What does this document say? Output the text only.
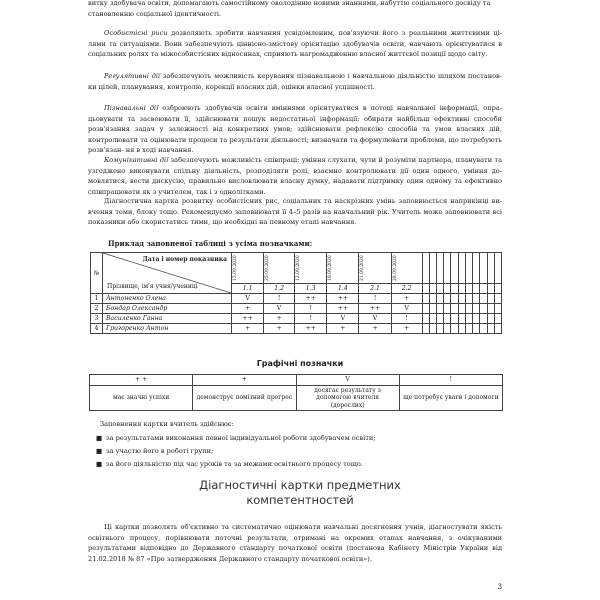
витку здобувача освіти, допомагають самостійному оволодінню новими знаннями, набуттю соціального досвіду та
становленню соціальної ідентичності.

Особистісні риси дозволяють зробити навчання усвідомленим, пов'язуючи його з реальними життєвими ці- лями та ситуаціями. Вони забезпечують ціннісно-змістову орієнтацію здобувачів освіти, навчають орієнтуватися в соціальних ролях та міжособистісних відносинах, сприяють нагромадженню власної життєвої позиції щодо світу.

Регулятивні дії забезпечують можливість керування пізнавальною і навчальною діяльністю шляхом постанов- ки цілей, планування, контролю, корекції власних дій, оцінки власної успішності.

Пізнавальні дії озброюють здобувачів освіти вміннями орієнтуватися в потоці навчальної інформації, опра- цьовувати та засвоювати її, здійснювати пошук недостатньої інформації; обирати найбільш ефективні способи розв'язання задач у залежності від конкретних умов; здійснювати рефлексію способів та умов власних дій, контролювати та оцінювати процеси та результати діяльності; визначати та формулювати проблеми, що потребують розв'язан- ня в ході навчання.

Комунікативні дії забезпечують можливість співпраці: уміння слухати, чути й розуміти партнера, планувати та узгоджено виконувати спільну діяльність, розподіляти ролі, взаємно контролювати дії один одного, уміння до- мовлятися, вести дискусію, правильно висловлювати власну думку, надавати підтримку один одному та ефективно співпрацювати як з учителем, так і з однолітками.

Діагностична картка розвитку особистісних рис, соціальних та наскрізних умінь заповнюється наприкінці ви- вчення теми, блоку тощо. Рекомендуємо заповнювати її 4–5 разів на навчальний рік. Учитель може заповнювати всі показники або скористатись тими, що необхідні на певному етапі навчання.

Приклад заповненої таблиці з усіма позначками:

№	Дата і номер показника
Прізвище, ім'я учня/учениці	15.09.2020	25.09.2020	12.09.2020	19.09.2020	21.09.2020	28.09.2020											

		1.1	1.2	1.3	1.4	2.1	2.2											
1	Антоненко Олена	V	!	++	++	!	+											
2	Бондар Олександр	+	V	!	++	++	V											
3	Василенко Ганна	++	+	!	V	V	!											
4	Григоренко Антон	+	+	++	+	+	+											
Графічні позначки
+ +	+	V	!
має значні успіхи	демонструє помітний прогрес	досягає результату з допомогою вчителя (дорослих)	ще потребує уваги і допомоги

Заповнення картки вчитель здійснює:

■ за результатами виконання певної індивідуальної роботи здобувачем освіти;

■ за участю його в роботі групи;

■ за його діяльністю під час уроків та за межами освітнього процесу тощо.

Діагностичні картки предметних
компетентностей

Ці картки дозволять об'єктивно та систематично оцінювати навчальні досягнення учнів, діагностувати якість освітнього процесу, порівнювати поточні результати, отримані на окремих етапах навчання, з очікуваними результатами відповідно до Державного стандарту початкової освіти (постанова Кабінету Міністрів України від 21.02.2018 № 87 «Про затвердження Державного стандарту початкової освіти»).

3
